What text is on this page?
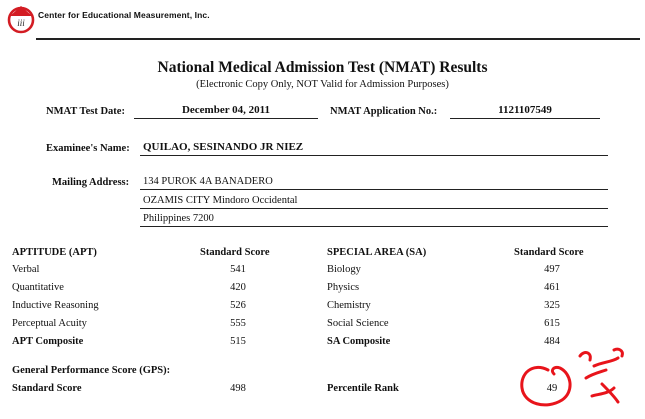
iii
Center for Educational Measurement, Inc.
National Medical Admission Test (NMAT) Results
(Electronic Copy Only, NOT Valid for Admission Purposes)
NMAT Test Date:	December 04, 2011	NMAT Application No.:	1121107549
Examinee's Name: QUILAO, SESINANDO JR NIEZ
Mailing Address: 134 PUROK 4A BANADERO
OZAMIS CITY Mindoro Occidental
Philippines 7200
APTITUDE (APT)	Standard Score
Verbal	541
Quantitative	420
Inductive Reasoning	526
Perceptual Acuity	555
APT Composite	515
SPECIAL AREA (SA)	Standard Score
Biology	497
Physics	461
Chemistry	325
Social Science	615
SA Composite	484
General Performance Score (GPS):
Standard Score	498	Percentile Rank	49
